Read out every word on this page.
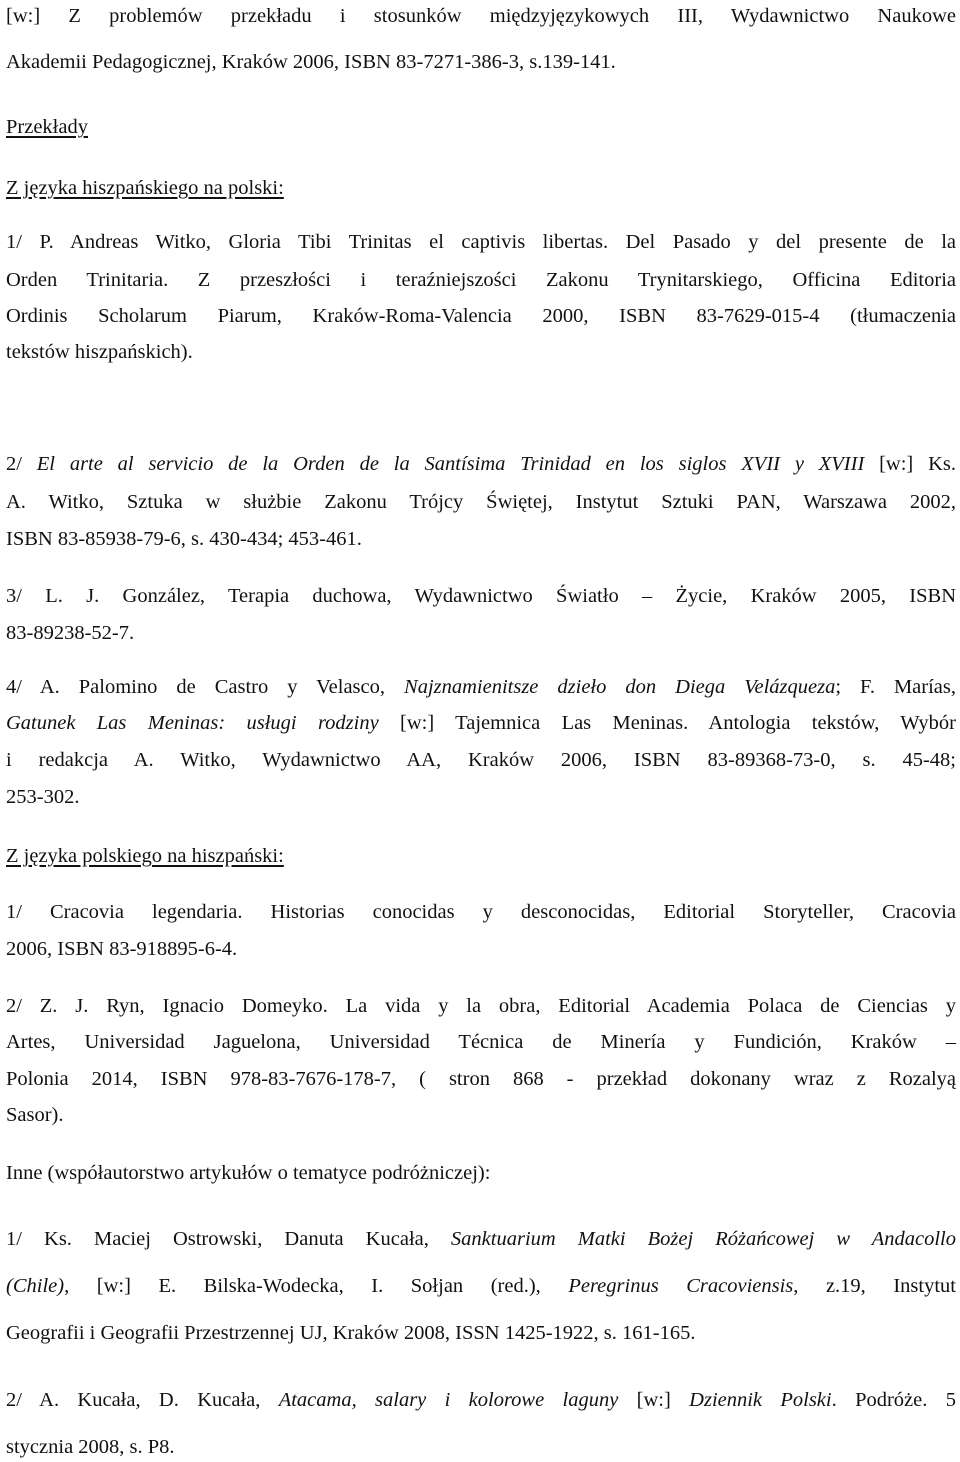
[w:] Z problemów przekładu i stosunków międzyjęzykowych III, Wydawnictwo Naukowe
Akademii Pedagogicznej, Kraków 2006, ISBN 83-7271-386-3, s.139-141.
Przekłady
Z języka hiszpańskiego na polski:
1/ P. Andreas Witko, Gloria Tibi Trinitas el captivis libertas. Del Pasado y del presente de la
Orden Trinitaria. Z przeszłości i teraźniejszości Zakonu Trynitarskiego, Officina Editoria
Ordinis Scholarum Piarum, Kraków-Roma-Valencia 2000, ISBN 83-7629-015-4 (tłumaczenia
tekstów hiszpańskich).
2/ El arte al servicio de la Orden de la Santísima Trinidad en los siglos XVII y XVIII [w:] Ks.
A. Witko, Sztuka w służbie Zakonu Trójcy Świętej, Instytut Sztuki PAN, Warszawa 2002,
ISBN 83-85938-79-6, s. 430-434; 453-461.
3/ L. J. González, Terapia duchowa, Wydawnictwo Światło – Życie, Kraków 2005, ISBN
83-89238-52-7.
4/ A. Palomino de Castro y Velasco, Najznamienitsze dzieło don Diega Velázqueza; F. Marías,
Gatunek Las Meninas: usługi rodziny [w:] Tajemnica Las Meninas. Antologia tekstów, Wybór
i redakcja A. Witko, Wydawnictwo AA, Kraków 2006, ISBN 83-89368-73-0, s. 45-48;
253-302.
Z języka polskiego na hiszpański:
1/ Cracovia legendaria. Historias conocidas y desconocidas, Editorial Storyteller, Cracovia
2006, ISBN 83-918895-6-4.
2/ Z. J. Ryn, Ignacio Domeyko. La vida y la obra, Editorial Academia Polaca de Ciencias y
Artes, Universidad Jaguelona, Universidad Técnica de Minería y Fundición, Kraków –
Polonia 2014, ISBN 978-83-7676-178-7, ( stron 868 - przekład dokonany wraz z Rozalyą
Sasor).
Inne (współautorstwo artykułów o tematyce podróżniczej):
1/ Ks. Maciej Ostrowski, Danuta Kucała, Sanktuarium Matki Bożej Różańcowej w Andacollo
(Chile), [w:] E. Bilska-Wodecka, I. Sołjan (red.), Peregrinus Cracoviensis, z.19, Instytut
Geografii i Geografii Przestrzennej UJ, Kraków 2008, ISSN 1425-1922, s. 161-165.
2/ A. Kucała, D. Kucała, Atacama, salary i kolorowe laguny [w:] Dziennik Polski. Podróże. 5
stycznia 2008, s. P8.
